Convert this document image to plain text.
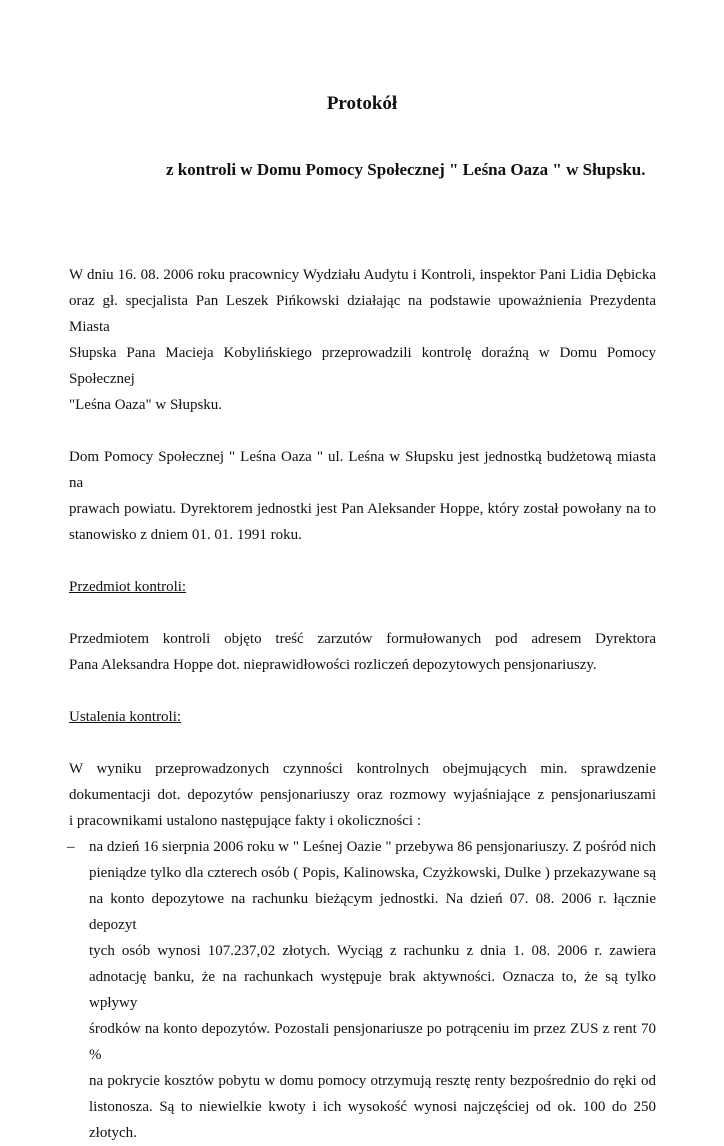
Protokół
z kontroli w Domu Pomocy Społecznej " Leśna Oaza " w Słupsku.

W dniu 16. 08. 2006 roku pracownicy Wydziału Audytu i Kontroli, inspektor Pani Lidia Dębicka
oraz gł. specjalista Pan Leszek Pińkowski działając na podstawie upoważnienia Prezydenta Miasta
Słupska Pana Macieja Kobylińskiego przeprowadzili kontrolę doraźną w Domu Pomocy Społecznej
"Leśna Oaza" w Słupsku.

Dom Pomocy Społecznej " Leśna Oaza " ul. Leśna w Słupsku jest jednostką budżetową miasta na
prawach powiatu. Dyrektorem jednostki jest Pan Aleksander Hoppe, który został powołany na to
stanowisko z dniem 01. 01. 1991 roku.

Przedmiot kontroli:

Przedmiotem kontroli objęto treść zarzutów formułowanych pod adresem Dyrektora
Pana Aleksandra Hoppe dot. nieprawidłowości rozliczeń depozytowych pensjonariuszy.

Ustalenia kontroli:

W wyniku przeprowadzonych czynności kontrolnych obejmujących min. sprawdzenie
dokumentacji dot. depozytów pensjonariuszy oraz rozmowy wyjaśniające z pensjonariuszami
i pracownikami ustalono następujące fakty i okoliczności :

– na dzień 16 sierpnia 2006 roku w " Leśnej Oazie " przebywa 86 pensjonariuszy. Z pośród nich
pieniądze tylko dla czterech osób ( Popis, Kalinowska, Czyżkowski, Dulke ) przekazywane są
na konto depozytowe na rachunku bieżącym jednostki. Na dzień 07. 08. 2006 r. łącznie depozyt
tych osób wynosi 107.237,02 złotych. Wyciąg z rachunku z dnia 1. 08. 2006 r. zawiera
adnotację banku, że na rachunkach występuje brak aktywności. Oznacza to, że są tylko wpływy
środków na konto depozytów. Pozostali pensjonariusze po potrąceniu im przez ZUS z rent 70 %
na pokrycie kosztów pobytu w domu pomocy otrzymują resztę renty bezpośrednio do ręki od
listonosza. Są to niewielkie kwoty i ich wysokość wynosi najczęściej od ok. 100 do 250 złotych.
